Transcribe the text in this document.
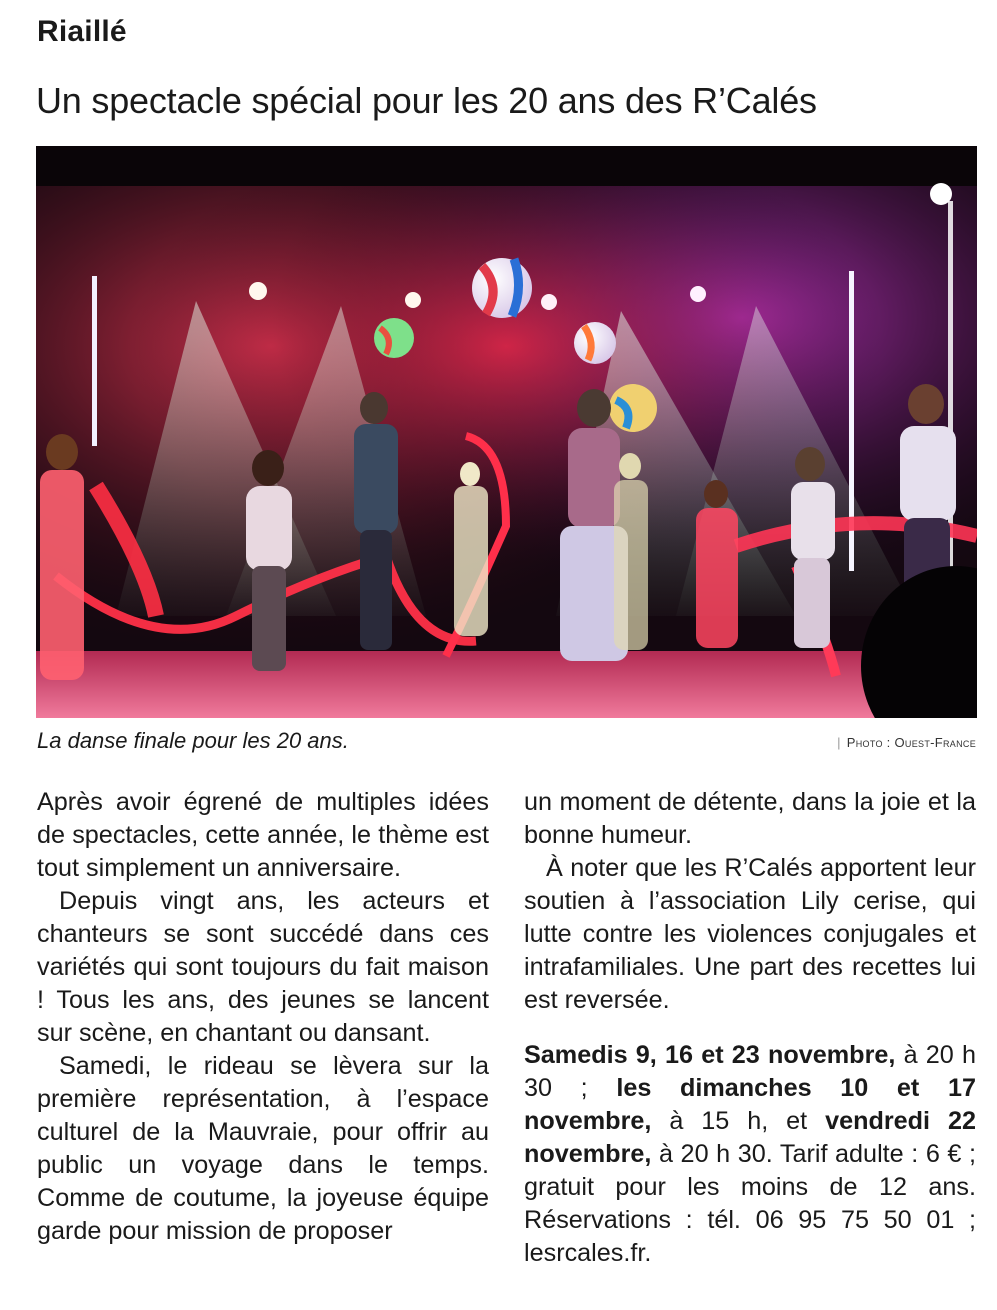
Riaillé
Un spectacle spécial pour les 20 ans des R’Calés
La danse finale pour les 20 ans.	| Photo : Ouest-France

Après avoir égrené de multiples idées de spectacles, cette année, le thème est tout simplement un anniversaire.

Depuis vingt ans, les acteurs et chanteurs se sont succédé dans ces variétés qui sont toujours du fait maison ! Tous les ans, des jeunes se lancent sur scène, en chantant ou dansant.

Samedi, le rideau se lèvera sur la première représentation, à l’espace culturel de la Mauvraie, pour offrir au public un voyage dans le temps. Comme de coutume, la joyeuse équipe garde pour mission de proposer

un moment de détente, dans la joie et la bonne humeur.

À noter que les R’Calés apportent leur soutien à l’association Lily cerise, qui lutte contre les violences conjugales et intrafamiliales. Une part des recettes lui est reversée.

Samedis 9, 16 et 23 novembre, à 20 h 30 ; les dimanches 10 et 17 novembre, à 15 h, et vendredi 22 novembre, à 20 h 30. Tarif adulte : 6 € ; gratuit pour les moins de 12 ans. Réservations : tél. 06 95 75 50 01 ; lesrcales.fr.
